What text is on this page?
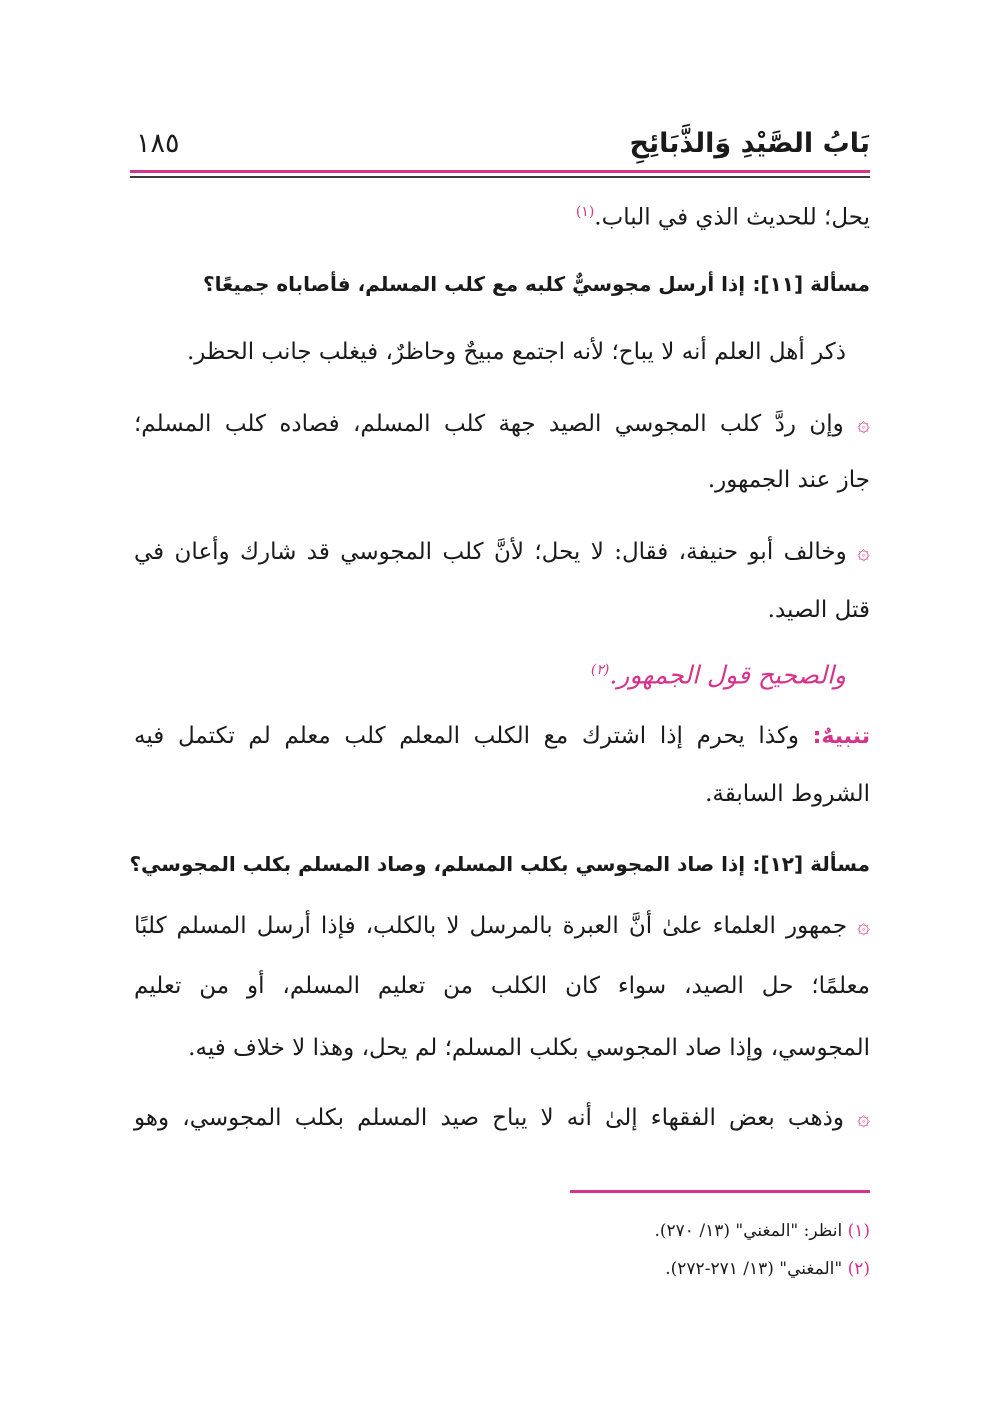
بَابُ الصَّيْدِ وَالذَّبَائِحِ
١٨٥
يحل؛ للحديث الذي في الباب.$^{(١)}$
مسألة [١١]: إذا أرسل مجوسيٌّ كلبه مع كلب المسلم، فأصاباه جميعًا؟
ذكر أهل العلم أنه لا يباح؛ لأنه اجتمع مبيحٌ وحاظرٌ، فيغلب جانب الحظر.
۞ وإن ردَّ كلب المجوسي الصيد جهة كلب المسلم، فصاده كلب المسلم؛
جاز عند الجمهور.
۞ وخالف أبو حنيفة، فقال: لا يحل؛ لأنَّ كلب المجوسي قد شارك وأعان في
قتل الصيد.
والصحيح قول الجمهور.$^{(٢)}$
تنبيهٌ: وكذا يحرم إذا اشترك مع الكلب المعلم كلب معلم لم تكتمل فيه
الشروط السابقة.
مسألة [١٢]: إذا صاد المجوسي بكلب المسلم، وصاد المسلم بكلب المجوسي؟
۞ جمهور العلماء علىٰ أنَّ العبرة بالمرسل لا بالكلب، فإذا أرسل المسلم كلبًا
معلمًا؛ حل الصيد، سواء كان الكلب من تعليم المسلم، أو من تعليم
المجوسي، وإذا صاد المجوسي بكلب المسلم؛ لم يحل، وهذا لا خلاف فيه.
۞ وذهب بعض الفقهاء إلىٰ أنه لا يباح صيد المسلم بكلب المجوسي، وهو
(١) انظر: "المغني" (١٣/ ٢٧٠).
(٢) "المغني" (١٣/ ٢٧١-٢٧٢).
